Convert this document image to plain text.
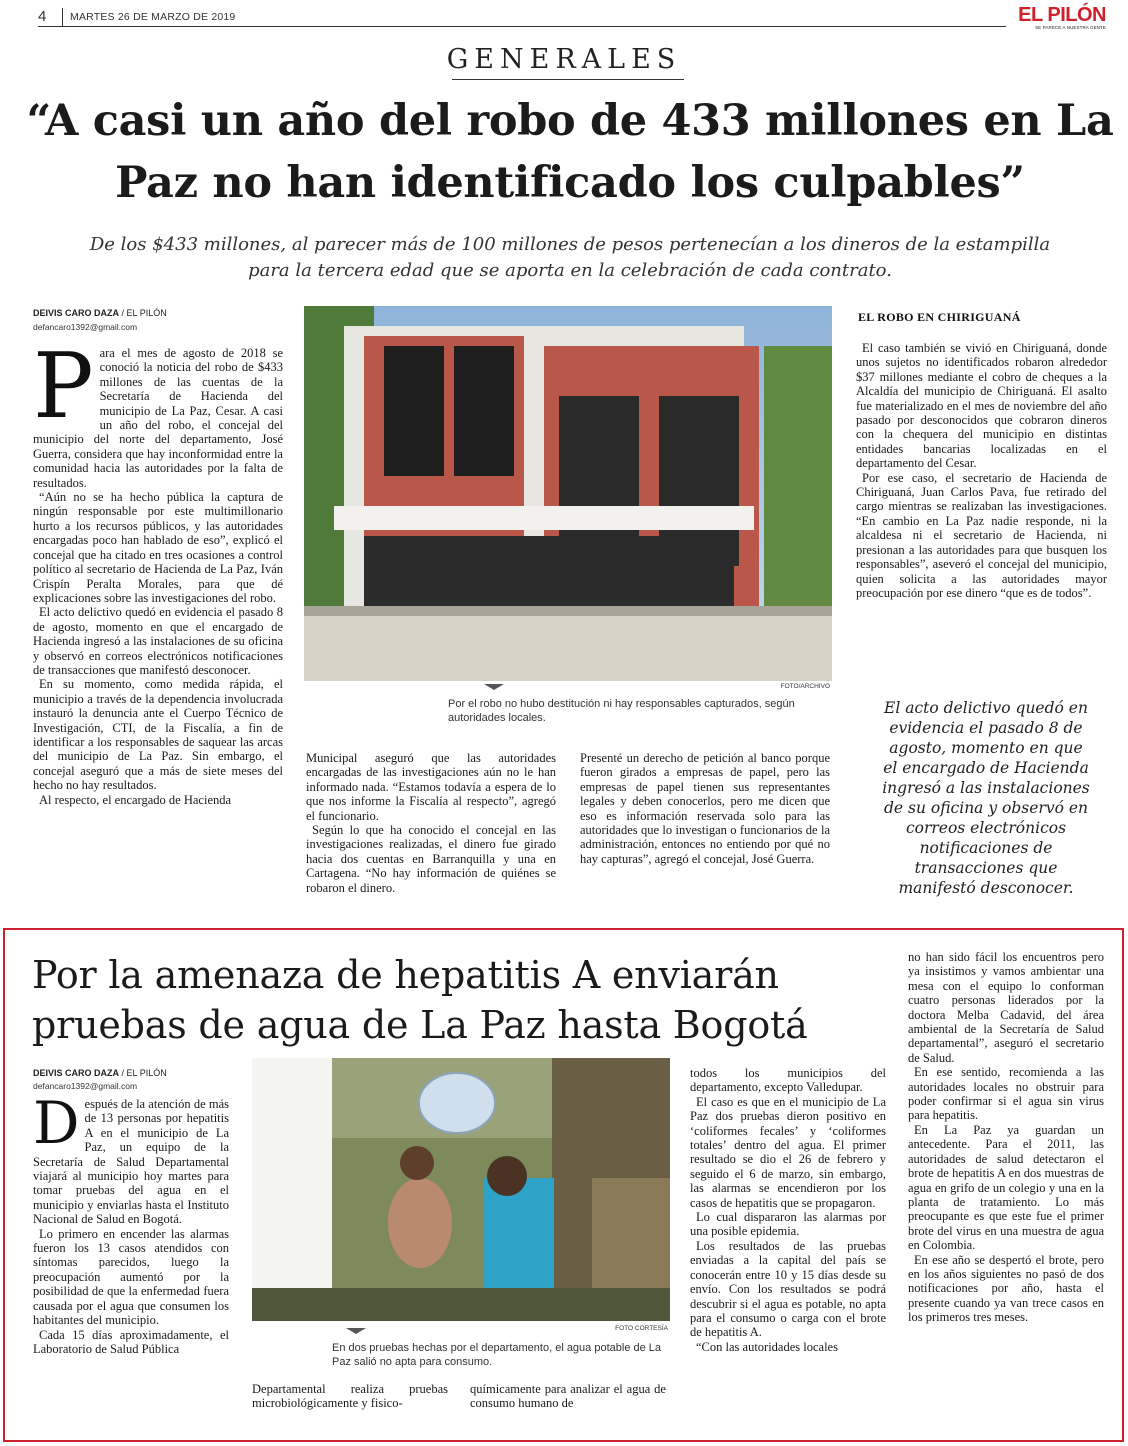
4 MARTES 26 DE MARZO DE 2019	EL PILÓN
SE PARECE A NUESTRA GENTE
GENERALES
“A casi un año del robo de 433 millones en La Paz no han identificado los culpables”
De los $433 millones, al parecer más de 100 millones de pesos pertenecían a los dineros de la estampilla para la tercera edad que se aporta en la celebración de cada contrato.
DEIVIS CARO DAZA / EL PILÓN
defancaro1392@gmail.com
P ara el mes de agosto de 2018 se conoció la noticia del robo de $433 millones de las cuentas de la Secretaría de Hacienda del municipio de La Paz, Cesar. A casi un año del robo, el concejal del municipio del norte del departamento, José Guerra, considera que hay inconformidad entre la comunidad hacia las autoridades por la falta de resultados.

“Aún no se ha hecho pública la captura de ningún responsable por este multimillonario hurto a los recursos públicos, y las autoridades encargadas poco han hablado de eso”, explicó el concejal que ha citado en tres ocasiones a control político al secretario de Hacienda de La Paz, Iván Crispín Peralta Morales, para que dé explicaciones sobre las investigaciones del robo.

El acto delictivo quedó en evidencia el pasado 8 de agosto, momento en que el encargado de Hacienda ingresó a las instalaciones de su oficina y observó en correos electrónicos notificaciones de transacciones que manifestó desconocer.

En su momento, como medida rápida, el municipio a través de la dependencia involucrada instauró la denuncia ante el Cuerpo Técnico de Investigación, CTI, de la Fiscalía, a fin de identificar a los responsables de saquear las arcas del municipio de La Paz. Sin embargo, el concejal aseguró que a más de siete meses del hecho no hay resultados.

Al respecto, el encargado de Hacienda

FOTO/ARCHIVO
Por el robo no hubo destitución ni hay responsables capturados, según autoridades locales.

Municipal aseguró que las autoridades encargadas de las investigaciones aún no le han informado nada. “Estamos todavía a espera de lo que nos informe la Fiscalía al respecto”, agregó el funcionario.

Según lo que ha conocido el concejal en las investigaciones realizadas, el dinero fue girado hacia dos cuentas en Barranquilla y una en Cartagena. “No hay información de quiénes se robaron el dinero.

Presenté un derecho de petición al banco porque fueron girados a empresas de papel, pero las empresas de papel tienen sus representantes legales y deben conocerlos, pero me dicen que eso es información reservada solo para las autoridades que lo investigan o funcionarios de la administración, entonces no entiendo por qué no hay capturas”, agregó el concejal, José Guerra.

EL ROBO EN CHIRIGUANÁ

El caso también se vivió en Chiriguaná, donde unos sujetos no identificados robaron alrededor $37 millones mediante el cobro de cheques a la Alcaldía del municipio de Chiriguaná. El asalto fue materializado en el mes de noviembre del año pasado por desconocidos que cobraron dineros con la chequera del municipio en distintas entidades bancarias localizadas en el departamento del Cesar.

Por ese caso, el secretario de Hacienda de Chiriguaná, Juan Carlos Pava, fue retirado del cargo mientras se realizaban las investigaciones. “En cambio en La Paz nadie responde, ni la alcaldesa ni el secretario de Hacienda, ni presionan a las autoridades para que busquen los responsables”, aseveró el concejal del municipio, quien solicita a las autoridades mayor preocupación por ese dinero “que es de todos”.

El acto delictivo quedó en evidencia el pasado 8 de agosto, momento en que el encargado de Hacienda ingresó a las instalaciones de su oficina y observó en correos electrónicos notificaciones de transacciones que manifestó desconocer.
Por la amenaza de hepatitis A enviarán pruebas de agua de La Paz hasta Bogotá
DEIVIS CARO DAZA / EL PILÓN
defancaro1392@gmail.com
D espués de la atención de más de 13 personas por hepatitis A en el municipio de La Paz, un equipo de la Secretaría de Salud Departamental viajará al municipio hoy martes para tomar pruebas del agua en el municipio y enviarlas hasta el Instituto Nacional de Salud en Bogotá.

Lo primero en encender las alarmas fueron los 13 casos atendidos con síntomas parecidos, luego la preocupación aumentó por la posibilidad de que la enfermedad fuera causada por el agua que consumen los habitantes del municipio.

Cada 15 días aproximadamente, el Laboratorio de Salud Pública

FOTO CORTESÍA
En dos pruebas hechas por el departamento, el agua potable de La Paz salió no apta para consumo.

Departamental realiza pruebas microbiológicamente y fisico-

químicamente para analizar el agua de consumo humano de

todos los municipios del departamento, excepto Valledupar.

El caso es que en el municipio de La Paz dos pruebas dieron positivo en ‘coliformes fecales’ y ‘coliformes totales’ dentro del agua. El primer resultado se dio el 26 de febrero y seguido el 6 de marzo, sin embargo, las alarmas se encendieron por los casos de hepatitis que se propagaron.

Lo cual dispararon las alarmas por una posible epidemia.

Los resultados de las pruebas enviadas a la capital del país se conocerán entre 10 y 15 días desde su envío. Con los resultados se podrá descubrir si el agua es potable, no apta para el consumo o carga con el brote de hepatitis A.

“Con las autoridades locales

no han sido fácil los encuentros pero ya insistimos y vamos ambientar una mesa con el equipo lo conforman cuatro personas liderados por la doctora Melba Cadavid, del área ambiental de la Secretaría de Salud departamental”, aseguró el secretario de Salud.

En ese sentido, recomienda a las autoridades locales no obstruir para poder confirmar si el agua sin virus para hepatitis.

En La Paz ya guardan un antecedente. Para el 2011, las autoridades de salud detectaron el brote de hepatitis A en dos muestras de agua en grifo de un colegio y una en la planta de tratamiento. Lo más preocupante es que este fue el primer brote del virus en una muestra de agua en Colombia.

En ese año se despertó el brote, pero en los años siguientes no pasó de dos notificaciones por año, hasta el presente cuando ya van trece casos en los primeros tres meses.
